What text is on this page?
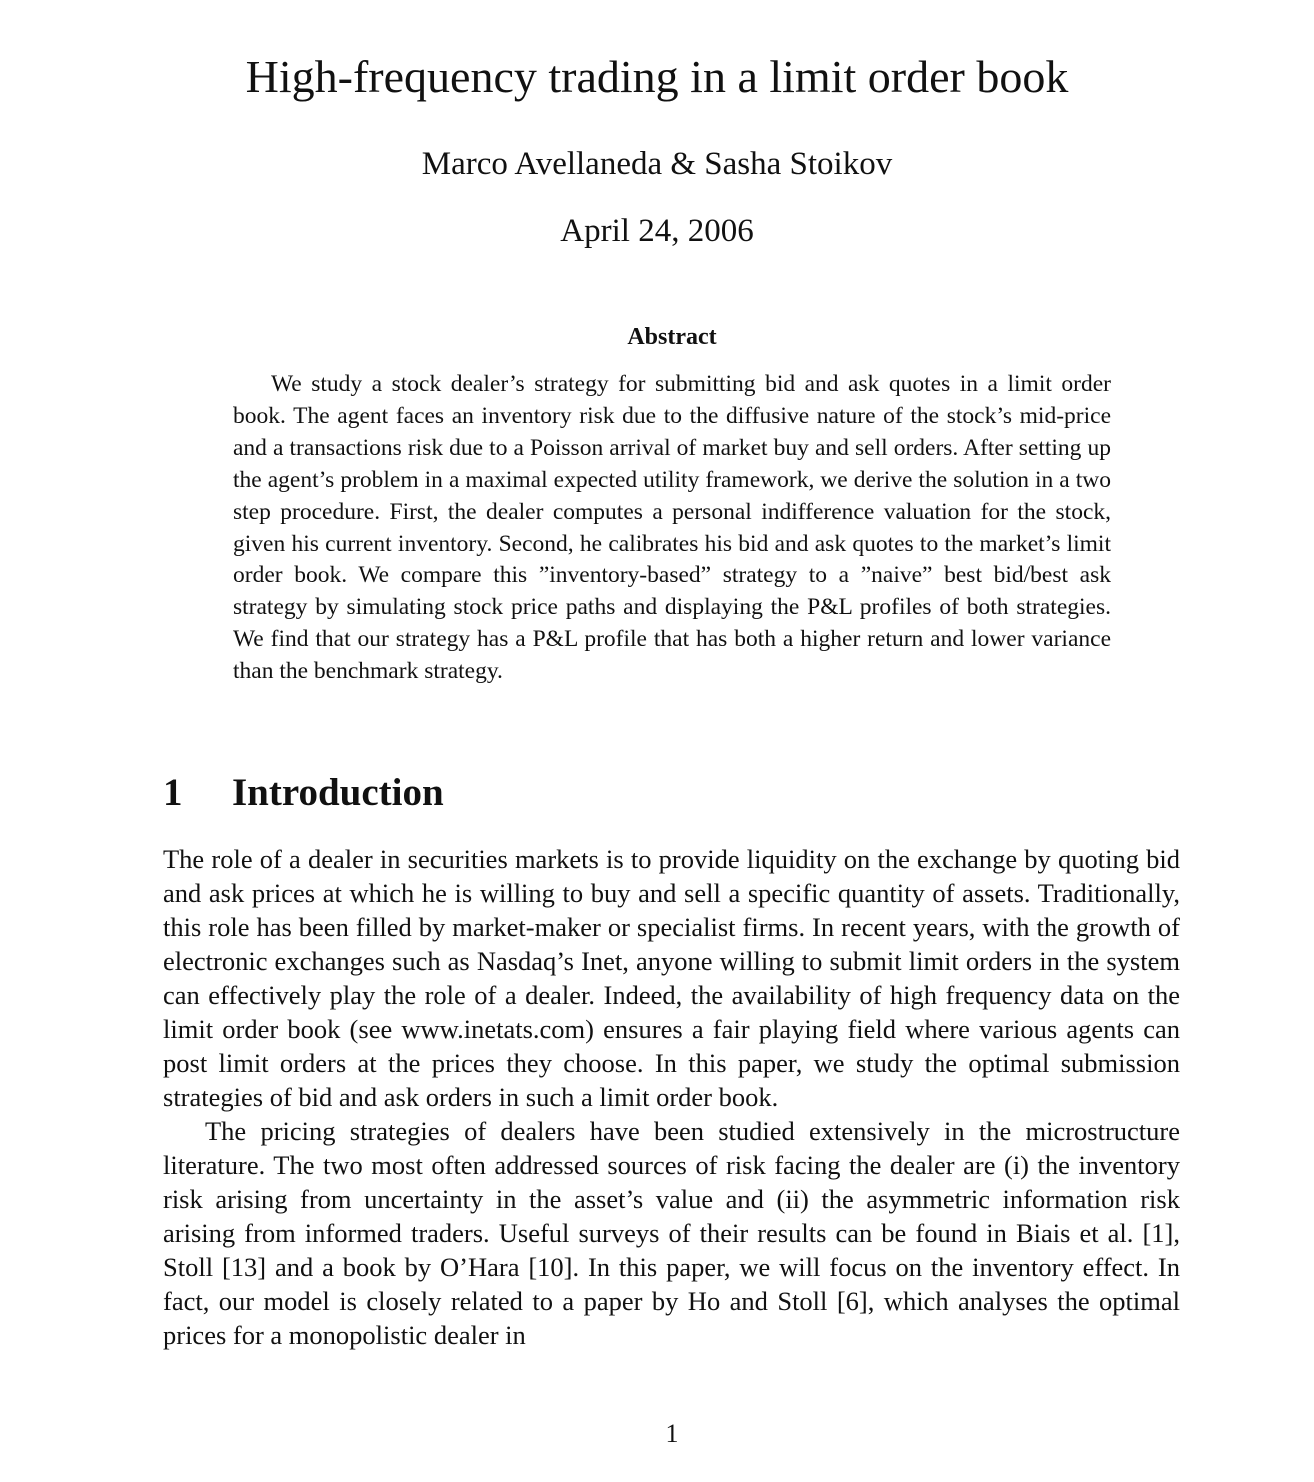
High-frequency trading in a limit order book
Marco Avellaneda & Sasha Stoikov
April 24, 2006
Abstract

We study a stock dealer’s strategy for submitting bid and ask quotes in a limit order book. The agent faces an inventory risk due to the diffusive nature of the stock’s mid-price and a transactions risk due to a Poisson arrival of market buy and sell orders. After setting up the agent’s problem in a maximal expected utility framework, we derive the solution in a two step procedure. First, the dealer computes a personal indifference valuation for the stock, given his current inventory. Second, he calibrates his bid and ask quotes to the market’s limit order book. We compare this ”inventory-based” strategy to a ”naive” best bid/best ask strategy by simulating stock price paths and displaying the P&L profiles of both strategies. We find that our strategy has a P&L profile that has both a higher return and lower variance than the benchmark strategy.

1	Introduction

The role of a dealer in securities markets is to provide liquidity on the exchange by quoting bid and ask prices at which he is willing to buy and sell a specific quantity of assets. Traditionally, this role has been filled by market-maker or specialist firms. In recent years, with the growth of electronic exchanges such as Nasdaq’s Inet, anyone willing to submit limit orders in the system can effectively play the role of a dealer. Indeed, the availability of high frequency data on the limit order book (see www.inetats.com) ensures a fair playing field where various agents can post limit orders at the prices they choose. In this paper, we study the optimal submission strategies of bid and ask orders in such a limit order book.

The pricing strategies of dealers have been studied extensively in the microstructure literature. The two most often addressed sources of risk facing the dealer are (i) the inventory risk arising from uncertainty in the asset’s value and (ii) the asymmetric information risk arising from informed traders. Useful surveys of their results can be found in Biais et al. [1], Stoll [13] and a book by O’Hara [10]. In this paper, we will focus on the inventory effect. In fact, our model is closely related to a paper by Ho and Stoll [6], which analyses the optimal prices for a monopolistic dealer in

1
